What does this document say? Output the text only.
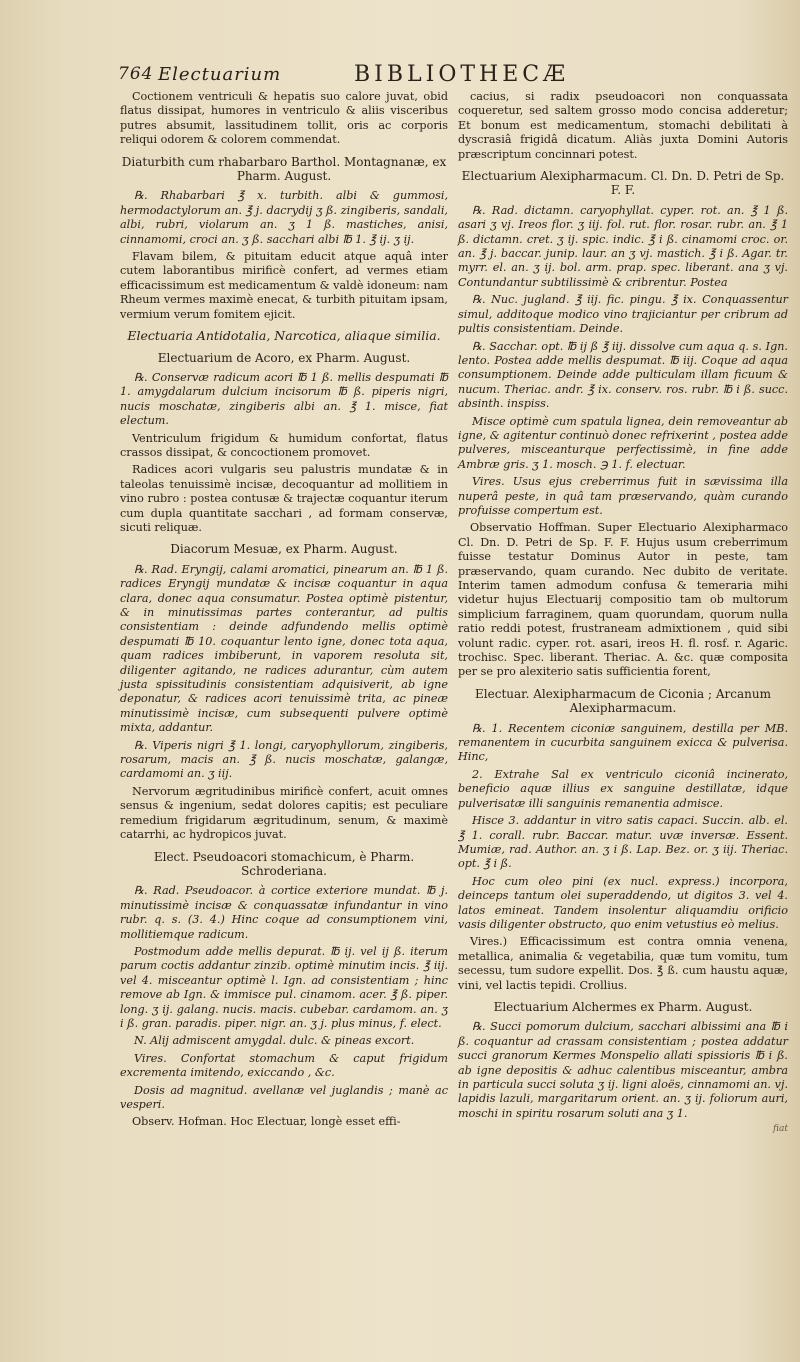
764 Electuarium	BIBLIOTHECÆ
Coctionem ventriculi & hepatis suo calore juvat, obid flatus dissipat, humores in ventriculo & aliis visceribus putres absumit, lassitudinem tollit, oris ac corporis reliqui odorem & colorem commendat.
Diaturbith cum rhabarbaro Barthol. Montagnanæ, ex Pharm. August.
℞. Rhabarbari ℥ x. turbith. albi & gummosi, hermodactylorum an. ℥ j. dacrydij ʒ ß. zingiberis, sandali, albi, rubri, violarum an. ʒ 1 ß. mastiches, anisi, cinnamomi, croci an. ʒ ß. sacchari albi ℔ 1. ℥ ij. ʒ ij.
Flavam bilem, & pituitam educit atque aquâ inter cutem laborantibus mirificè confert, ad vermes etiam efficacissimum est medicamentum & valdè idoneum: nam Rheum vermes maximè enecat, & turbith pituitam ipsam, vermium verum fomitem ejicit.
Electuaria Antidotalia, Narcotica, aliaque similia.
Electuarium de Acoro, ex Pharm. August.
℞. Conservæ radicum acori ℔ 1 ß. mellis despumati ℔ 1. amygdalarum dulcium incisorum ℔ ß. piperis nigri, nucis moschatæ, zingiberis albi an. ℥ 1. misce, fiat electum.
Ventriculum frigidum & humidum confortat, flatus crassos dissipat, & concoctionem promovet.
Radices acori vulgaris seu palustris mundatæ & in taleolas tenuissimè incisæ, decoquantur ad mollitiem in vino rubro : postea contusæ & trajectæ coquantur iterum cum dupla quantitate sacchari , ad formam conservæ, sicuti reliquæ.
Diacorum Mesuæ, ex Pharm. August.
℞. Rad. Eryngij, calami aromatici, pinearum an. ℔ 1 ß. radices Eryngij mundatæ & incisæ coquantur in aqua clara, donec aqua consumatur. Postea optimè pistentur, & in minutissimas partes conterantur, ad pultis consistentiam : deinde adfundendo mellis optimè despumati ℔ 10. coquantur lento igne, donec tota aqua, quam radices imbiberunt, in vaporem resoluta sit, diligenter agitando, ne radices adurantur, cùm autem justa spissitudinis consistentiam adquisiverit, ab igne deponatur, & radices acori tenuissimè trita, ac pineæ minutissimè incisæ, cum subsequenti pulvere optimè mixta, addantur.
℞. Viperis nigri ℥ 1. longi, caryophyllorum, zingiberis, rosarum, macis an. ℥ ß. nucis moschatæ, galangæ, cardamomi an. ʒ iij.
Nervorum ægritudinibus mirificè confert, acuit omnes sensus & ingenium, sedat dolores capitis; est peculiare remedium frigidarum ægritudinum, senum, & maximè catarrhi, ac hydropicos juvat.
Elect. Pseudoacori stomachicum, è Pharm. Schroderiana.
℞. Rad. Pseudoacor. à cortice exteriore mundat. ℔ j. minutissimè incisæ & conquassatæ infundantur in vino rubr. q. s. (3. 4.) Hinc coque ad consumptionem vini, mollitiemque radicum.
Postmodum adde mellis depurat. ℔ ij. vel ij ß. iterum parum coctis addantur zinzib. optimè minutim incis. ℥ iij. vel 4. misceantur optimè l. Ign. ad consistentiam ; hinc remove ab Ign. & immisce pul. cinamom. acer. ℥ ß. piper. long. ʒ ij. galang. nucis. macis. cubebar. cardamom. an. ʒ i ß. gran. paradis. piper. nigr. an. ʒ j. plus minus, f. elect.
N. Alij admiscent amygdal. dulc. & pineas excort.
Vires. Confortat stomachum & caput frigidum excrementa imitendo, exiccando , &c.
Dosis ad magnitud. avellanæ vel juglandis ; manè ac vesperi.
Observ. Hofman. Hoc Electuar, longè esset effi-
cacius, si radix pseudoacori non conquassata coqueretur, sed saltem grosso modo concisa adderetur; Et bonum est medicamentum, stomachi debilitati à dyscrasiâ frigidâ dicatum. Aliàs juxta Domini Autoris præscriptum concinnari potest.
Electuarium Alexipharmacum. Cl. Dn. D. Petri de Sp. F. F.
℞. Rad. dictamn. caryophyllat. cyper. rot. an. ℥ 1 ß. asari ʒ vj. Ireos flor. ʒ iij. fol. rut. flor. rosar. rubr. an. ℥ 1 ß. dictamn. cret. ʒ ij. spic. indic. ℥ i ß. cinamomi croc. or. an. ℥ j. baccar. junip. laur. an ʒ vj. mastich. ℥ i ß. Agar. tr. myrr. el. an. ʒ ij. bol. arm. prap. spec. liberant. ana ʒ vj. Contundantur subtilissimè & cribrentur. Postea
℞. Nuc. jugland. ℥ iij. fic. pingu. ℥ ix. Conquassentur simul, additoque modico vino trajiciantur per cribrum ad pultis consistentiam. Deinde.
℞. Sacchar. opt. ℔ ij ß ℥ iij. dissolve cum aqua q. s. Ign. lento. Postea adde mellis despumat. ℔ iij. Coque ad aqua consumptionem. Deinde adde pulticulam illam ficuum & nucum. Theriac. andr. ℥ ix. conserv. ros. rubr. ℔ i ß. succ. absinth. inspiss.
Misce optimè cum spatula lignea, dein removeantur ab igne, & agitentur continuò donec refrixerint , postea adde pulveres, misceanturque perfectissimè, in fine adde Ambræ gris. ʒ 1. mosch. ℈ 1. f. electuar.
Vires. Usus ejus creberrimus fuit in sævissima illa nuperâ peste, in quâ tam præservando, quàm curando profuisse compertum est.
Observatio Hoffman. Super Electuario Alexipharmaco Cl. Dn. D. Petri de Sp. F. F. Hujus usum creberrimum fuisse testatur Dominus Autor in peste, tam præservando, quam curando. Nec dubito de veritate. Interim tamen admodum confusa & temeraria mihi videtur hujus Electuarij compositio tam ob multorum simplicium farraginem, quam quorundam, quorum nulla ratio reddi potest, frustraneam admixtionem , quid sibi volunt radic. cyper. rot. asari, ireos H. fl. rosf. r. Agaric. trochisc. Spec. liberant. Theriac. A. &c. quæ composita per se pro alexiterio satis sufficientia forent,
Electuar. Alexipharmacum de Ciconia ; Arcanum Alexipharmacum.
℞. 1. Recentem ciconiæ sanguinem, destilla per MB. remanentem in cucurbita sanguinem exicca & pulverisa. Hinc,
2. Extrahe Sal ex ventriculo ciconiâ incinerato, beneficio aquæ illius ex sanguine destillatæ, idque pulverisatæ illi sanguinis remanentia admisce.
Hisce 3. addantur in vitro satis capaci. Succin. alb. el. ℥ 1. corall. rubr. Baccar. matur. uvæ inversæ. Essent. Mumiæ, rad. Author. an. ʒ i ß. Lap. Bez. or. ʒ iij. Theriac. opt. ℥ i ß.
Hoc cum oleo pini (ex nucl. express.) incorpora, deinceps tantum olei superaddendo, ut digitos 3. vel 4. latos emineat. Tandem insolentur aliquamdiu orificio vasis diligenter obstructo, quo enim vetustius eò melius.
Vires.) Efficacissimum est contra omnia venena, metallica, animalia & vegetabilia, quæ tum vomitu, tum secessu, tum sudore expellit. Dos. ℥ ß. cum haustu aquæ, vini, vel lactis tepidi. Crollius.
Electuarium Alchermes ex Pharm. August.
℞. Succi pomorum dulcium, sacchari albissimi ana ℔ i ß. coquantur ad crassam consistentiam ; postea addatur succi granorum Kermes Monspelio allati spissioris ℔ i ß. ab igne depositis & adhuc calentibus misceantur, ambra in particula succi soluta ʒ ij. ligni aloës, cinnamomi an. vj. lapidis lazuli, margaritarum orient. an. ʒ ij. foliorum auri, moschi in spiritu rosarum soluti ana ʒ 1.
fiat
